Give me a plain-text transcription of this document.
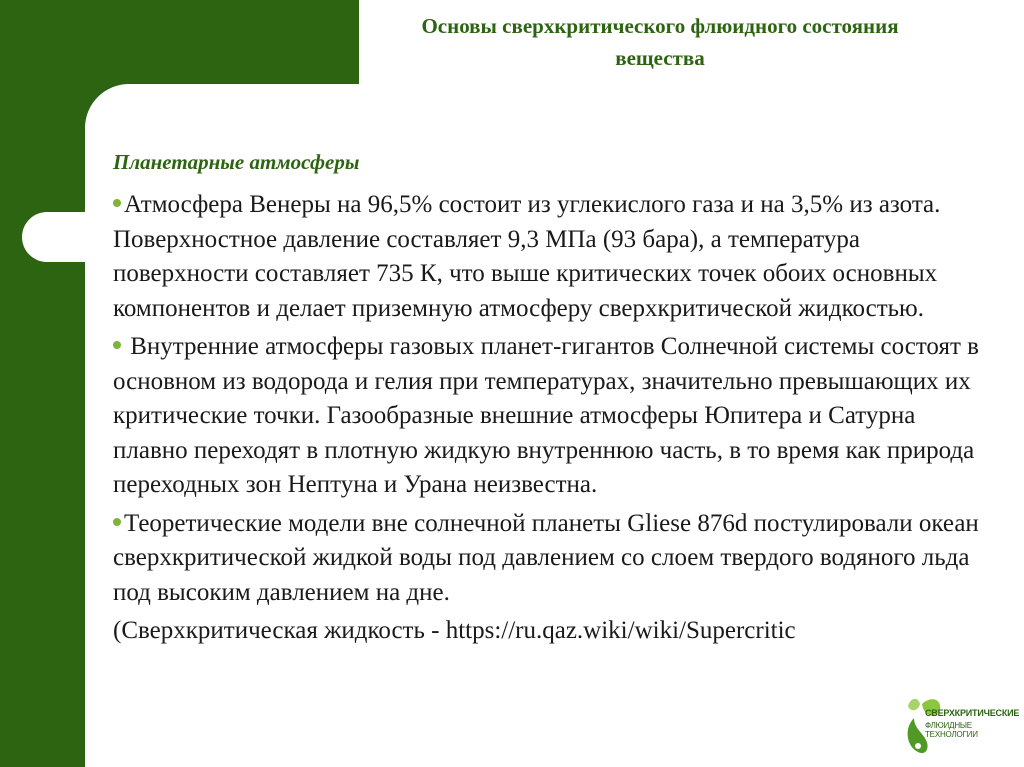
Основы сверхкритического флюидного состояния вещества
Планетарные атмосферы

Атмосфера Венеры на 96,5% состоит из углекислого газа и на 3,5% из азота. Поверхностное давление составляет 9,3 МПа (93 бара), а температура поверхности составляет 735 К, что выше критических точек обоих основных компонентов и делает приземную атмосферу сверхкритической жидкостью.

Внутренние атмосферы газовых планет-гигантов Солнечной системы состоят в основном из водорода и гелия при температурах, значительно превышающих их критические точки. Газообразные внешние атмосферы Юпитера и Сатурна плавно переходят в плотную жидкую внутреннюю часть, в то время как природа переходных зон Нептуна и Урана неизвестна.

Теоретические модели вне солнечной планеты Gliese 876d постулировали океан сверхкритической жидкой воды под давлением со слоем твердого водяного льда под высоким давлением на дне.

(Сверхкритическая жидкость - https://ru.qaz.wiki/wiki/Supercritic
СВЕРХКРИТИЧЕСКИЕ
ФЛЮИДНЫЕ ТЕХНОЛОГИИ
